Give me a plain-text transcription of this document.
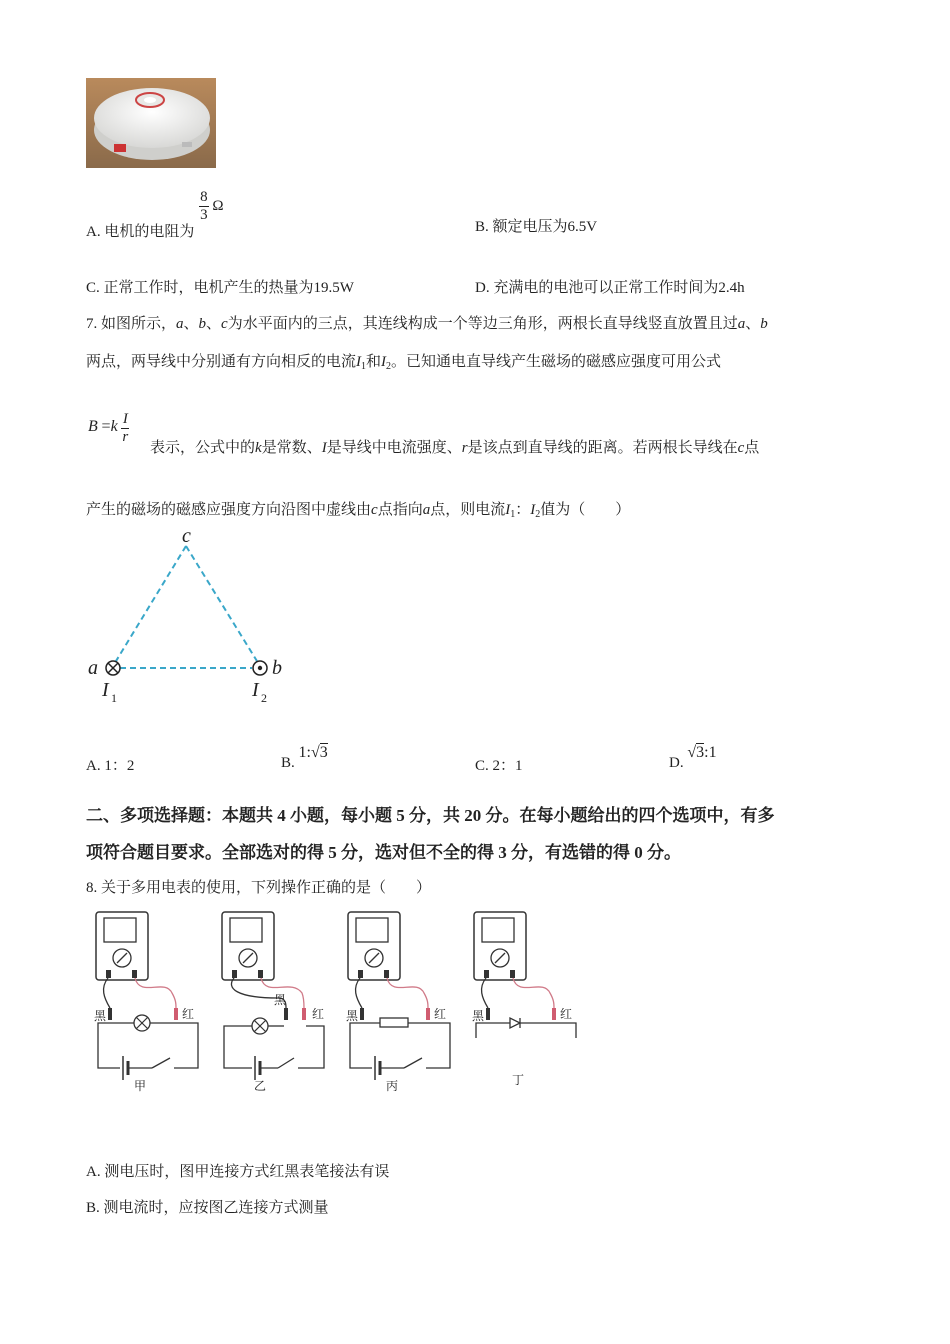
A. 电机的电阻为
$\frac{8}{3}$ Ω
B. 额定电压为6.5V
C. 正常工作时，电机产生的热量为19.5W	D. 充满电的电池可以正常工作时间为2.4h
7. 如图所示，a、b、c为水平面内的三点，其连线构成一个等边三角形，两根长直导线竖直放置且过a、b
两点，两导线中分别通有方向相反的电流$I_1$和$I_2$。已知通电直导线产生磁场的磁感应强度可用公式
$B =k \frac{I}{r}$
表示，公式中的k是常数、I是导线中电流强度、r是该点到直导线的距离。若两根长导线在c点
产生的磁场的磁感应强度方向沿图中虚线由c点指向a点，则电流$I_1$：$I_2$值为（　　）
c
a	b
I 1	I 2
A. 1：2	B. 1:√3
C. 2：1	D. √3:1
二、多项选择题：本题共 4 小题，每小题 5 分，共 20 分。在每小题给出的四个选项中，有多
项符合题目要求。全部选对的得 5 分，选对但不全的得 3 分，有选错的得 0 分。
8. 关于多用电表的使用，下列操作正确的是（　　）
黑	红
甲
黑
红
乙
黑	红
丙
黑	红
丁
A. 测电压时，图甲连接方式红黑表笔接法有误
B. 测电流时，应按图乙连接方式测量
